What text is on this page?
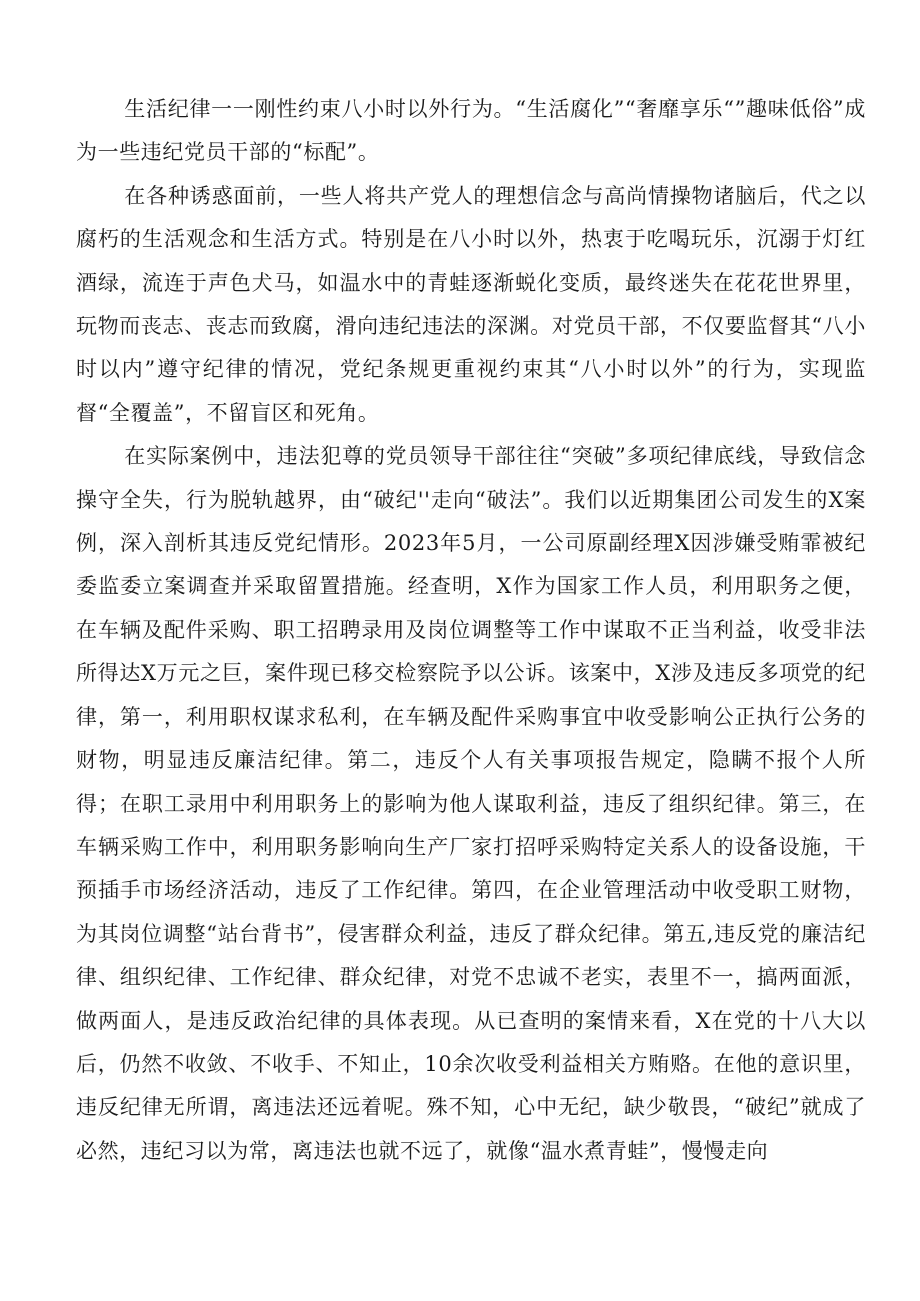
生活纪律一一刚性约束八小时以外行为。“生活腐化”“奢靡享乐“”趣味低俗”成为一些违纪党员干部的“标配”。

在各种诱惑面前，一些人将共产党人的理想信念与高尚情操物诸脑后，代之以腐朽的生活观念和生活方式。特别是在八小时以外，热衷于吃喝玩乐，沉溺于灯红酒绿，流连于声色犬马，如温水中的青蛙逐渐蜕化变质，最终迷失在花花世界里，玩物而丧志、丧志而致腐，滑向违纪违法的深渊。对党员干部，不仅要监督其“八小时以内”遵守纪律的情况，党纪条规更重视约束其“八小时以外”的行为，实现监督“全覆盖”，不留盲区和死角。

在实际案例中，违法犯尊的党员领导干部往往“突破”多项纪律底线，导致信念操守全失，行为脱轨越界，由“破纪''走向“破法”。我们以近期集团公司发生的X案例，深入剖析其违反党纪情形。2023年5月，一公司原副经理X因涉嫌受贿霏被纪委监委立案调查并采取留置措施。经查明，X作为国家工作人员，利用职务之便，在车辆及配件采购、职工招聘录用及岗位调整等工作中谋取不正当利益，收受非法所得达X万元之巨，案件现已移交检察院予以公诉。该案中，X涉及违反多项党的纪律，第一，利用职权谋求私利，在车辆及配件采购事宜中收受影响公正执行公务的财物，明显违反廉洁纪律。第二，违反个人有关事项报告规定，隐瞒不报个人所得；在职工录用中利用职务上的影响为他人谋取利益，违反了组织纪律。第三，在车辆采购工作中，利用职务影响向生产厂家打招呼采购特定关系人的设备设施，干预插手市场经济活动，违反了工作纪律。第四，在企业管理活动中收受职工财物，为其岗位调整“站台背书”，侵害群众利益，违反了群众纪律。第五,违反党的廉洁纪律、组织纪律、工作纪律、群众纪律，对党不忠诚不老实，表里不一，搞两面派，做两面人，是违反政治纪律的具体表现。从已查明的案情来看，X在党的十八大以后，仍然不收敛、不收手、不知止，10余次收受利益相关方贿赂。在他的意识里，违反纪律无所谓，离违法还远着呢。殊不知，心中无纪，缺少敬畏，“破纪”就成了必然，违纪习以为常，离违法也就不远了，就像“温水煮青蛙”，慢慢走向
